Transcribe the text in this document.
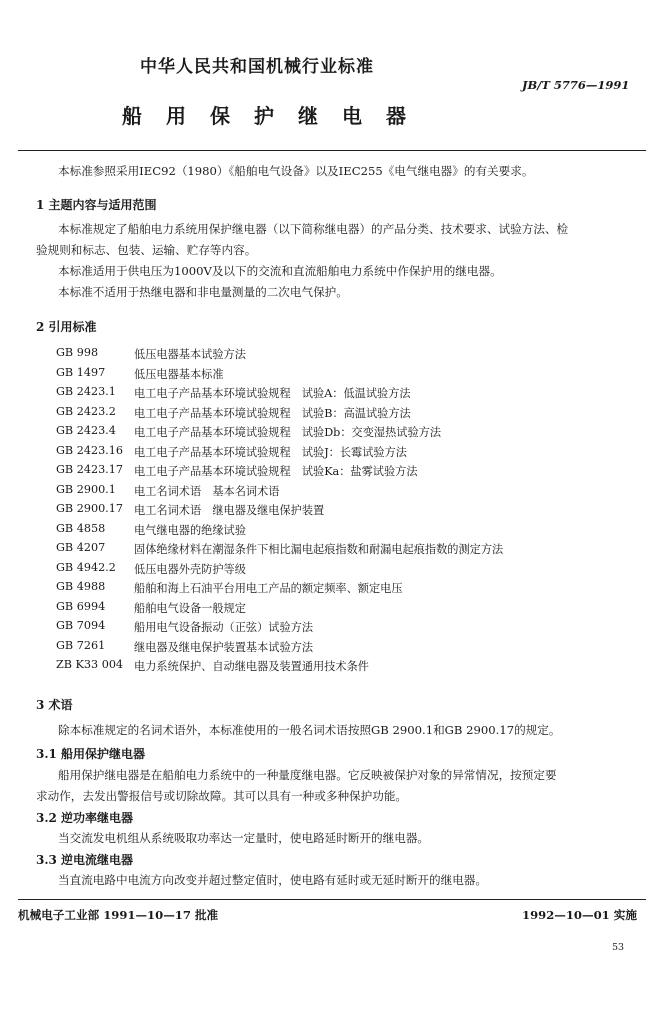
中华人民共和国机械行业标准
JB/T 5776—1991
船用保护继电器
本标准参照采用IEC92（1980）《船舶电气设备》以及IEC255《电气继电器》的有关要求。
1 主题内容与适用范围
本标准规定了船舶电力系统用保护继电器（以下简称继电器）的产品分类、技术要求、试验方法、检
验规则和标志、包装、运输、贮存等内容。
本标准适用于供电压为1000V及以下的交流和直流船舶电力系统中作保护用的继电器。
本标准不适用于热继电器和非电量测量的二次电气保护。
2 引用标准
GB 998	低压电器基本试验方法
GB 1497	低压电器基本标准
GB 2423.1 电工电子产品基本环境试验规程　试验A：低温试验方法
GB 2423.2 电工电子产品基本环境试验规程　试验B：高温试验方法
GB 2423.4 电工电子产品基本环境试验规程　试验Db：交变湿热试验方法
GB 2423.16 电工电子产品基本环境试验规程　试验J：长霉试验方法
GB 2423.17 电工电子产品基本环境试验规程　试验Ka：盐雾试验方法
GB 2900.1 电工名词术语　基本名词术语
GB 2900.17 电工名词术语　继电器及继电保护装置
GB 4858	电气继电器的绝缘试验
GB 4207	固体绝缘材料在潮湿条件下相比漏电起痕指数和耐漏电起痕指数的测定方法
GB 4942.2 低压电器外壳防护等级
GB 4988	船舶和海上石油平台用电工产品的额定频率、额定电压
GB 6994	船舶电气设备一般规定
GB 7094	船用电气设备振动（正弦）试验方法
GB 7261	继电器及继电保护装置基本试验方法
ZB K33 004 电力系统保护、自动继电器及装置通用技术条件
3 术语
除本标准规定的名词术语外，本标准使用的一般名词术语按照GB 2900.1和GB 2900.17的规定。
3.1 船用保护继电器
船用保护继电器是在船舶电力系统中的一种量度继电器。它反映被保护对象的异常情况，按预定要
求动作，去发出警报信号或切除故障。其可以具有一种或多种保护功能。
3.2 逆功率继电器
当交流发电机组从系统吸取功率达一定量时，使电路延时断开的继电器。
3.3 逆电流继电器
当直流电路中电流方向改变并超过整定值时，使电路有延时或无延时断开的继电器。
机械电子工业部 1991—10—17 批准	1992—10—01 实施
53
